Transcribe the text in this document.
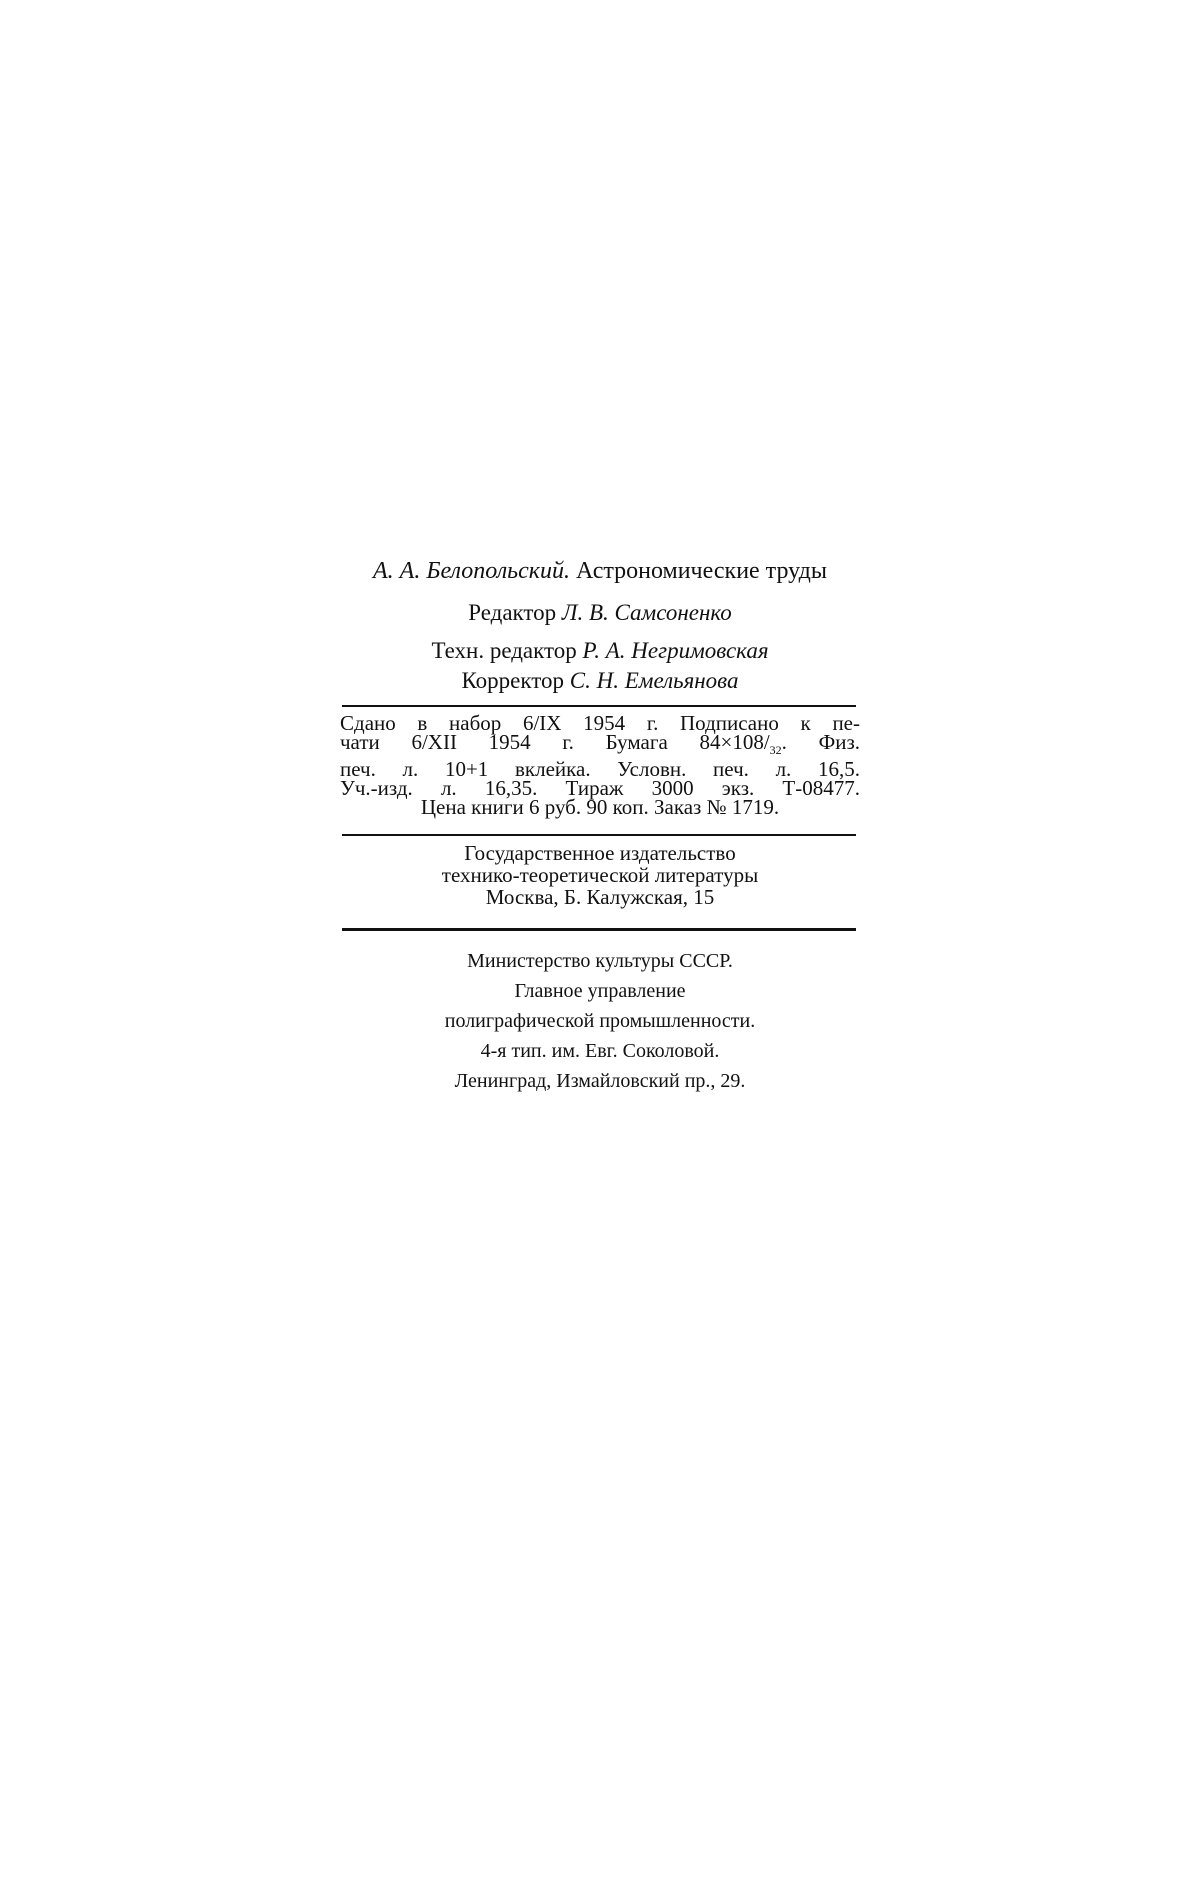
А. А. Белопольский. Астрономические труды
Редактор Л. В. Самсоненко
Техн. редактор Р. А. Негримовская
Корректор С. Н. Емельянова
Сдано в набор 6/IX 1954 г. Подписано к пе-
чати 6/XII 1954 г. Бумага $84\times 108/_{32}$. Физ.
печ. л. 10+1 вклейка. Условн. печ. л. 16,5.
Уч.-изд. л. 16,35. Тираж 3000 экз. Т-08477.
Цена книги 6 руб. 90 коп. Заказ № 1719.
Государственное издательство
технико-теоретической литературы
Москва, Б. Калужская, 15
Министерство культуры СССР.
Главное управление
полиграфической промышленности.
4-я тип. им. Евг. Соколовой.
Ленинград, Измайловский пр., 29.
